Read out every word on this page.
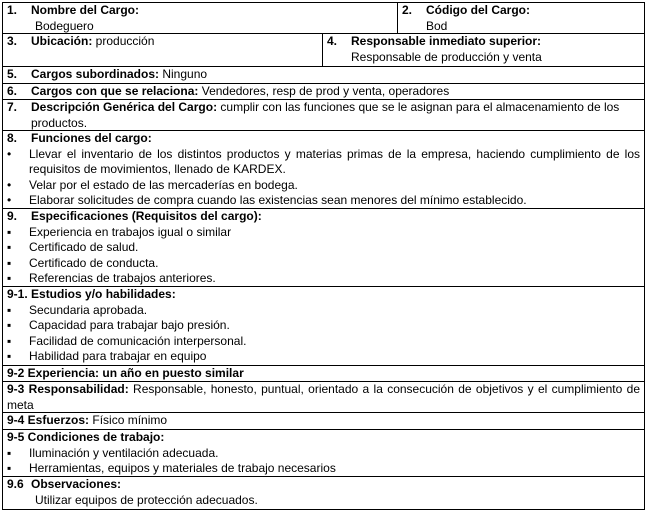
1. Nombre del Cargo:
Bodeguero
2. Código del Cargo:
Bod
3. Ubicación: producción	4. Responsable inmediato superior:
Responsable de producción y venta
5. Cargos subordinados: Ninguno
6. Cargos con que se relaciona: Vendedores, resp de prod y venta, operadores
7.	Descripción Genérica del Cargo: cumplir con las funciones que se le asignan para el almacenamiento de los productos.
8. Funciones del cargo:
•	Llevar el inventario de los distintos productos y materias primas de la empresa, haciendo cumplimiento de los requisitos de movimientos, llenado de KARDEX.
•	Velar por el estado de las mercaderías en bodega.
•	Elaborar solicitudes de compra cuando las existencias sean menores del mínimo establecido.
9. Especificaciones (Requisitos del cargo):
▪	Experiencia en trabajos igual o similar
▪	Certificado de salud.
▪	Certificado de conducta.
▪	Referencias de trabajos anteriores.
9-1. Estudios y/o habilidades:
▪	Secundaria aprobada.
▪	Capacidad para trabajar bajo presión.
▪	Facilidad de comunicación interpersonal.
▪	Habilidad para trabajar en equipo
9-2 Experiencia: un año en puesto similar
9-3 Responsabilidad: Responsable, honesto, puntual, orientado a la consecución de objetivos y el cumplimiento de meta
9-4 Esfuerzos: Físico mínimo
9-5 Condiciones de trabajo:
▪	Iluminación y ventilación adecuada.
▪	Herramientas, equipos y materiales de trabajo necesarios
9.6 Observaciones:
Utilizar equipos de protección adecuados.
